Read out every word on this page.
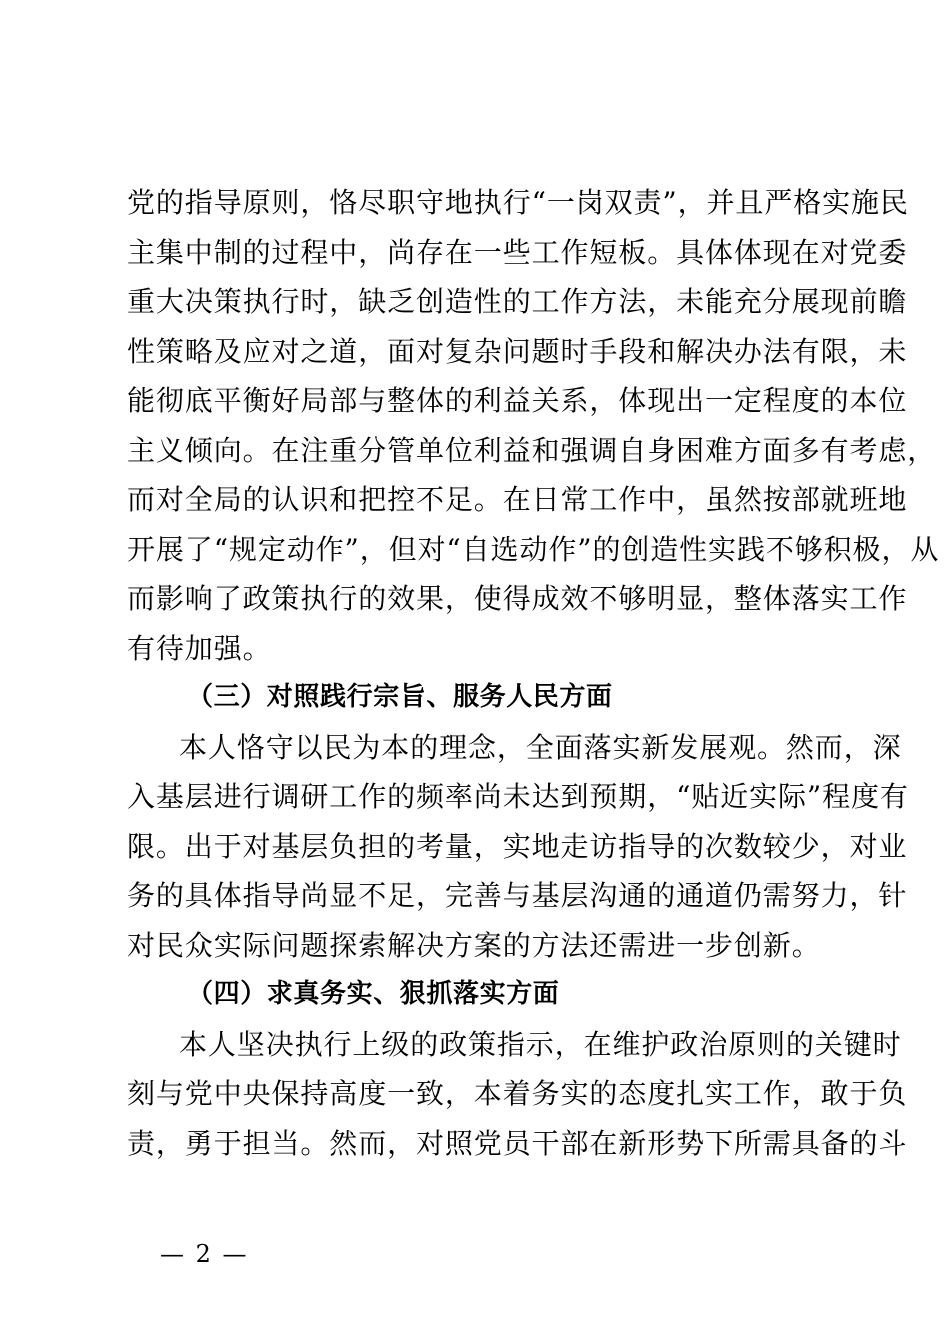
党的指导原则，恪尽职守地执行“一岗双责”，并且严格实施民
主集中制的过程中，尚存在一些工作短板。具体体现在对党委
重大决策执行时，缺乏创造性的工作方法，未能充分展现前瞻
性策略及应对之道，面对复杂问题时手段和解决办法有限，未
能彻底平衡好局部与整体的利益关系，体现出一定程度的本位
主义倾向。在注重分管单位利益和强调自身困难方面多有考虑，
而对全局的认识和把控不足。在日常工作中，虽然按部就班地
开展了“规定动作”，但对“自选动作”的创造性实践不够积极，从
而影响了政策执行的效果，使得成效不够明显，整体落实工作
有待加强。
（三）对照践行宗旨、服务人民方面
本人恪守以民为本的理念，全面落实新发展观。然而，深
入基层进行调研工作的频率尚未达到预期，“贴近实际”程度有
限。出于对基层负担的考量，实地走访指导的次数较少，对业
务的具体指导尚显不足，完善与基层沟通的通道仍需努力，针
对民众实际问题探索解决方案的方法还需进一步创新。
（四）求真务实、狠抓落实方面
本人坚决执行上级的政策指示，在维护政治原则的关键时
刻与党中央保持高度一致，本着务实的态度扎实工作，敢于负
责，勇于担当。然而，对照党员干部在新形势下所需具备的斗
— 2 —
